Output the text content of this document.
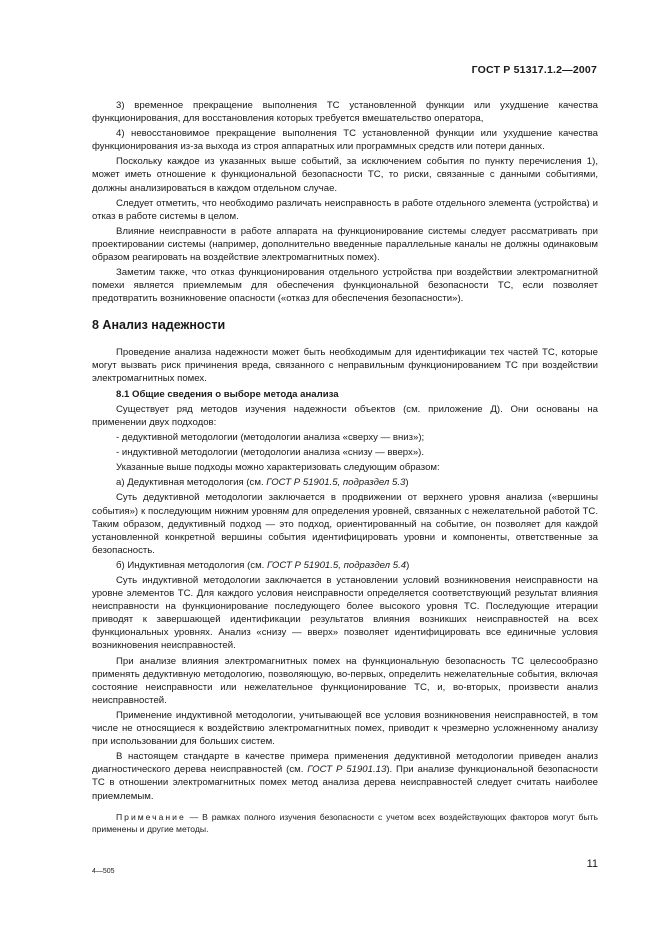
ГОСТ Р 51317.1.2—2007

3) временное прекращение выполнения ТС установленной функции или ухудшение качества функционирования, для восстановления которых требуется вмешательство оператора,

4) невосстановимое прекращение выполнения ТС установленной функции или ухудшение качества функционирования из-за выхода из строя аппаратных или программных средств или потери данных.

Поскольку каждое из указанных выше событий, за исключением события по пункту перечисления 1), может иметь отношение к функциональной безопасности ТС, то риски, связанные с данными событиями, должны анализироваться в каждом отдельном случае.

Следует отметить, что необходимо различать неисправность в работе отдельного элемента (устройства) и отказ в работе системы в целом.

Влияние неисправности в работе аппарата на функционирование системы следует рассматривать при проектировании системы (например, дополнительно введенные параллельные каналы не должны одинаковым образом реагировать на воздействие электромагнитных помех).

Заметим также, что отказ функционирования отдельного устройства при воздействии электромагнитной помехи является приемлемым для обеспечения функциональной безопасности ТС, если позволяет предотвратить возникновение опасности («отказ для обеспечения безопасности»).

8 Анализ надежности

Проведение анализа надежности может быть необходимым для идентификации тех частей ТС, которые могут вызвать риск причинения вреда, связанного с неправильным функционированием ТС при воздействии электромагнитных помех.

8.1 Общие сведения о выборе метода анализа

Существует ряд методов изучения надежности объектов (см. приложение Д). Они основаны на применении двух подходов:

- дедуктивной методологии (методологии анализа «сверху — вниз»);

- индуктивной методологии (методологии анализа «снизу — вверх»).

Указанные выше подходы можно характеризовать следующим образом:

а) Дедуктивная методология (см. ГОСТ Р 51901.5, подраздел 5.3)

Суть дедуктивной методологии заключается в продвижении от верхнего уровня анализа («вершины события») к последующим нижним уровням для определения уровней, связанных с нежелательной работой ТС. Таким образом, дедуктивный подход — это подход, ориентированный на событие, он позволяет для каждой установленной конкретной вершины события идентифицировать уровни и компоненты, ответственные за безопасность.

б) Индуктивная методология (см. ГОСТ Р 51901.5, подраздел 5.4)

Суть индуктивной методологии заключается в установлении условий возникновения неисправности на уровне элементов ТС. Для каждого условия неисправности определяется соответствующий результат влияния неисправности на функционирование последующего более высокого уровня ТС. Последующие итерации приводят к завершающей идентификации результатов влияния возникших неисправностей на всех функциональных уровнях. Анализ «снизу — вверх» позволяет идентифицировать все единичные условия возникновения неисправностей.

При анализе влияния электромагнитных помех на функциональную безопасность ТС целесообразно применять дедуктивную методологию, позволяющую, во-первых, определить нежелательные события, включая состояние неисправности или нежелательное функционирование ТС, и, во-вторых, произвести анализ неисправностей.

Применение индуктивной методологии, учитывающей все условия возникновения неисправностей, в том числе не относящиеся к воздействию электромагнитных помех, приводит к чрезмерно усложненному анализу при использовании для больших систем.

В настоящем стандарте в качестве примера применения дедуктивной методологии приведен анализ диагностического дерева неисправностей (см. ГОСТ Р 51901.13). При анализе функциональной безопасности ТС в отношении электромагнитных помех метод анализа дерева неисправностей следует считать наиболее приемлемым.

Примечание — В рамках полного изучения безопасности с учетом всех воздействующих факторов могут быть применены и другие методы.

4—505
11
